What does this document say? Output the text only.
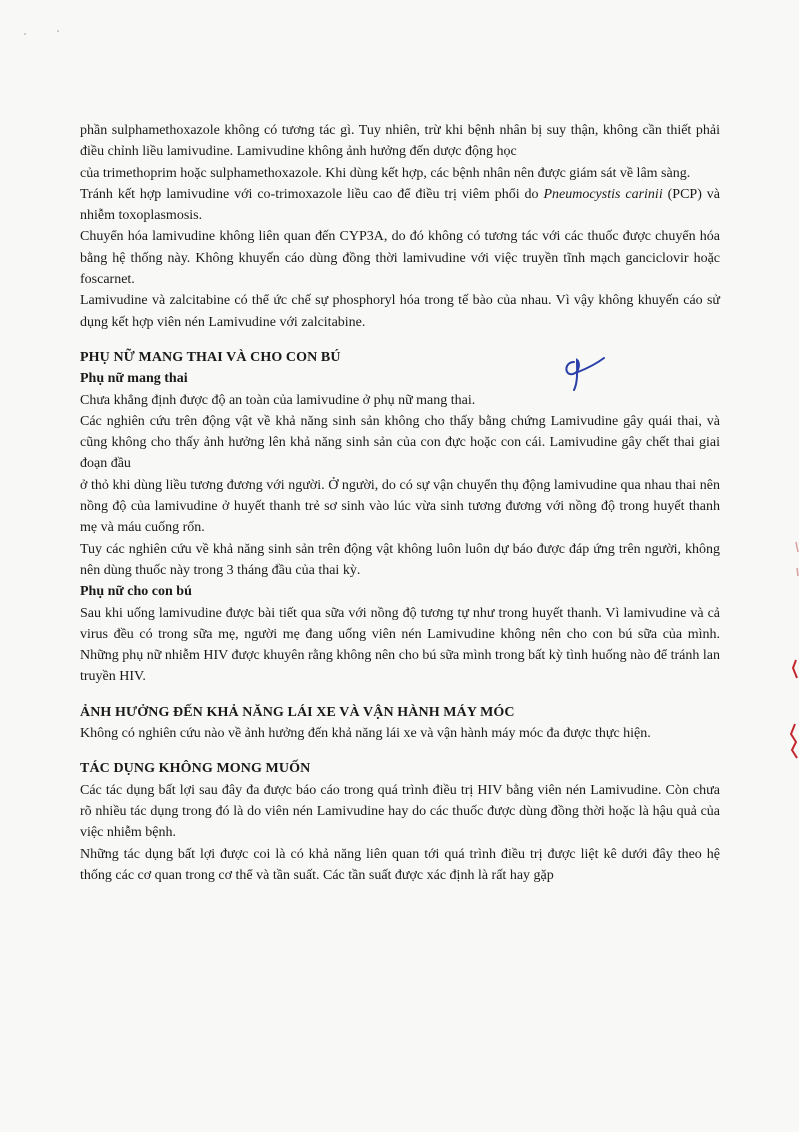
phần sulphamethoxazole không có tương tác gì. Tuy nhiên, trừ khi bệnh nhân bị suy thận, không cần thiết phải điều chỉnh liều lamivudine. Lamivudine không ảnh hưởng đến dược động học

của trimethoprim hoặc sulphamethoxazole. Khi dùng kết hợp, các bệnh nhân nên được giám sát về lâm sàng.

Tránh kết hợp lamivudine với co-trimoxazole liều cao để điều trị viêm phổi do Pneumocystis carinii (PCP) và nhiễm toxoplasmosis.

Chuyển hóa lamivudine không liên quan đến CYP3A, do đó không có tương tác với các thuốc được chuyển hóa bằng hệ thống này. Không khuyến cáo dùng đồng thời lamivudine với việc truyền tĩnh mạch ganciclovir hoặc foscarnet.

Lamivudine và zalcitabine có thể ức chế sự phosphoryl hóa trong tế bào của nhau. Vì vậy không khuyến cáo sử dụng kết hợp viên nén Lamivudine với zalcitabine.

PHỤ NỮ MANG THAI VÀ CHO CON BÚ

Phụ nữ mang thai

Chưa khẳng định được độ an toàn của lamivudine ở phụ nữ mang thai.

Các nghiên cứu trên động vật về khả năng sinh sản không cho thấy bằng chứng Lamivudine gây quái thai, và cũng không cho thấy ảnh hưởng lên khả năng sinh sản của con đực hoặc con cái. Lamivudine gây chết thai giai đoạn đầu

ở thỏ khi dùng liều tương đương với người. Ở người, do có sự vận chuyển thụ động lamivudine qua nhau thai nên nồng độ của lamivudine ở huyết thanh trẻ sơ sinh vào lúc vừa sinh tương đương với nồng độ trong huyết thanh mẹ và máu cuống rốn.

Tuy các nghiên cứu về khả năng sinh sản trên động vật không luôn luôn dự báo được đáp ứng trên người, không nên dùng thuốc này trong 3 tháng đầu của thai kỳ.

Phụ nữ cho con bú

Sau khi uống lamivudine được bài tiết qua sữa với nồng độ tương tự như trong huyết thanh. Vì lamivudine và cả virus đều có trong sữa mẹ, người mẹ đang uống viên nén Lamivudine không nên cho con bú sữa của mình. Những phụ nữ nhiễm HIV được khuyên rằng không nên cho bú sữa mình trong bất kỳ tình huống nào để tránh lan truyền HIV.

ẢNH HƯỞNG ĐẾN KHẢ NĂNG LÁI XE VÀ VẬN HÀNH MÁY MÓC

Không có nghiên cứu nào về ảnh hưởng đến khả năng lái xe và vận hành máy móc đa được thực hiện.

TÁC DỤNG KHÔNG MONG MUỐN

Các tác dụng bất lợi sau đây đa được báo cáo trong quá trình điều trị HIV bằng viên nén Lamivudine. Còn chưa rõ nhiều tác dụng trong đó là do viên nén Lamivudine hay do các thuốc được dùng đồng thời hoặc là hậu quả của việc nhiễm bệnh.

Những tác dụng bất lợi được coi là có khả năng liên quan tới quá trình điều trị được liệt kê dưới đây theo hệ thống các cơ quan trong cơ thể và tần suất. Các tần suất được xác định là rất hay gặp
